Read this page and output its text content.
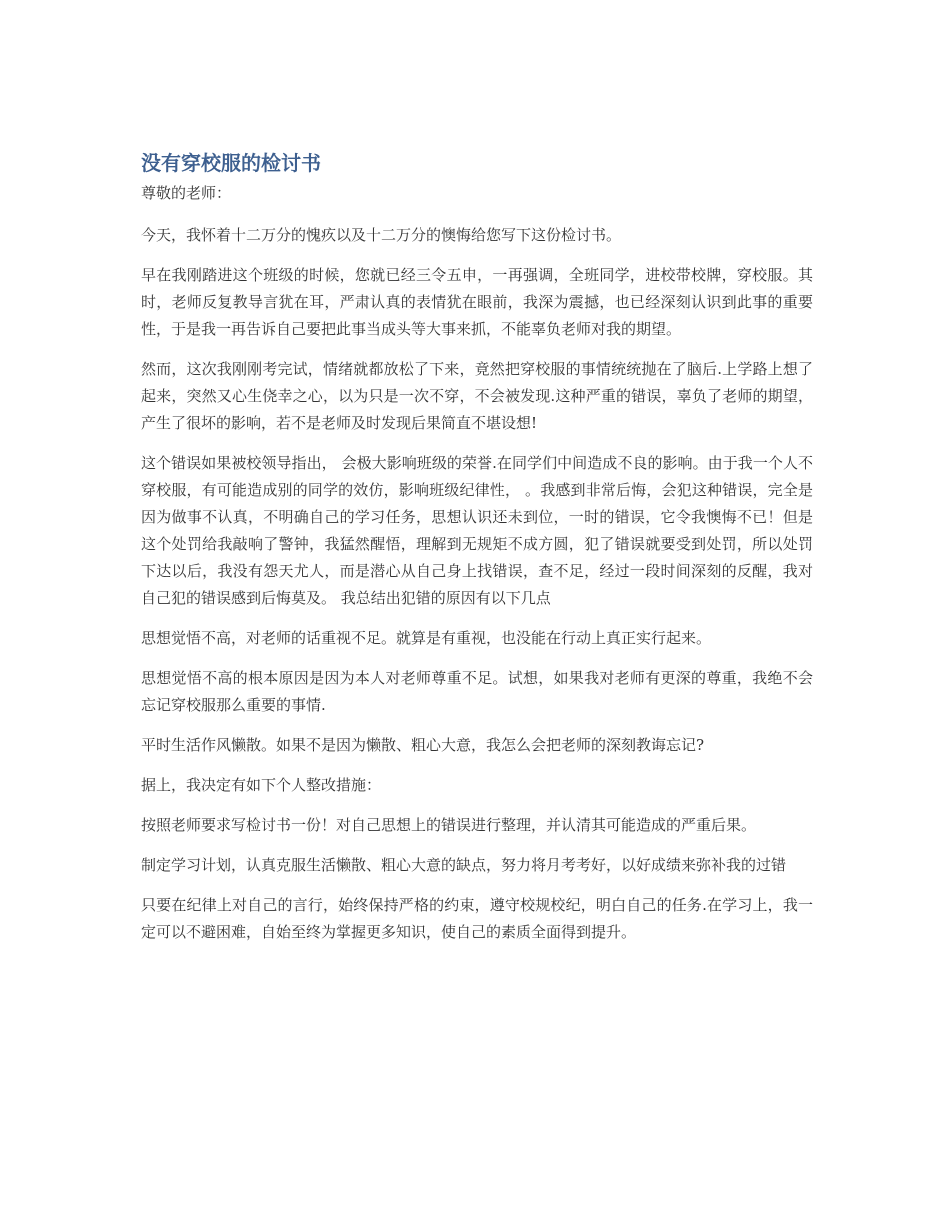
没有穿校服的检讨书

尊敬的老师：

今天，我怀着十二万分的愧疚以及十二万分的懊悔给您写下这份检讨书。

早在我刚踏进这个班级的时候，您就已经三令五申，一再强调，全班同学，进校带校牌，穿校服。其时，老师反复教导言犹在耳，严肃认真的表情犹在眼前，我深为震撼，也已经深刻认识到此事的重要性，于是我一再告诉自己要把此事当成头等大事来抓，不能辜负老师对我的期望。

然而，这次我刚刚考完试，情绪就都放松了下来，竟然把穿校服的事情统统抛在了脑后.上学路上想了起来，突然又心生侥幸之心，以为只是一次不穿，不会被发现.这种严重的错误，辜负了老师的期望，产生了很坏的影响，若不是老师及时发现后果简直不堪设想!

这个错误如果被校领导指出， 会极大影响班级的荣誉.在同学们中间造成不良的影响。由于我一个人不穿校服，有可能造成别的同学的效仿，影响班级纪律性， 。我感到非常后悔，会犯这种错误，完全是因为做事不认真，不明确自己的学习任务，思想认识还未到位，一时的错误，它令我懊悔不已！但是这个处罚给我敲响了警钟，我猛然醒悟，理解到无规矩不成方圆，犯了错误就要受到处罚，所以处罚下达以后，我没有怨天尤人，而是潜心从自己身上找错误，查不足，经过一段时间深刻的反醒，我对自己犯的错误感到后悔莫及。 我总结出犯错的原因有以下几点

思想觉悟不高，对老师的话重视不足。就算是有重视，也没能在行动上真正实行起来。

思想觉悟不高的根本原因是因为本人对老师尊重不足。试想，如果我对老师有更深的尊重，我绝不会忘记穿校服那么重要的事情.

平时生活作风懒散。如果不是因为懒散、粗心大意，我怎么会把老师的深刻教诲忘记?

据上，我决定有如下个人整改措施：

按照老师要求写检讨书一份！对自己思想上的错误进行整理，并认清其可能造成的严重后果。

制定学习计划，认真克服生活懒散、粗心大意的缺点，努力将月考考好，以好成绩来弥补我的过错

只要在纪律上对自己的言行，始终保持严格的约束，遵守校规校纪，明白自己的任务.在学习上，我一定可以不避困难，自始至终为掌握更多知识，使自己的素质全面得到提升。
